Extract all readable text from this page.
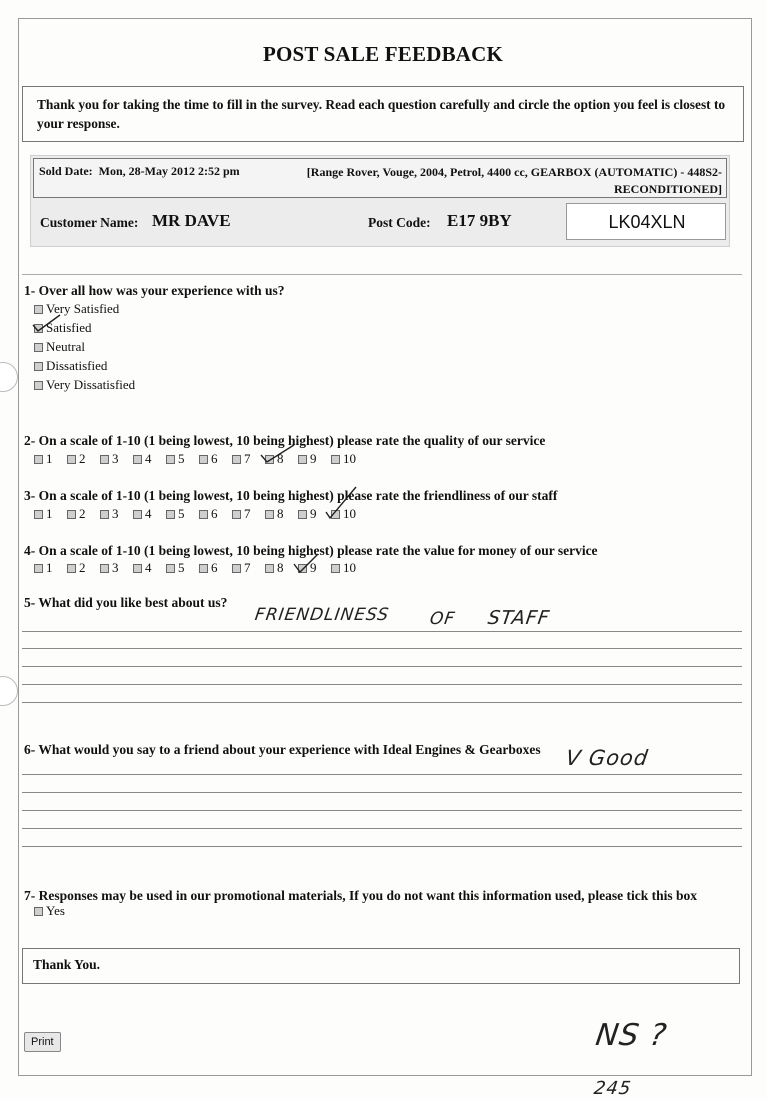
POST SALE FEEDBACK
Thank you for taking the time to fill in the survey. Read each question carefully and circle the option you feel is closest to your response.
Sold Date: Mon, 28-May 2012 2:52 pm	[Range Rover, Vouge, 2004, Petrol, 4400 cc, GEARBOX (AUTOMATIC) - 448S2-RECONDITIONED]
Customer Name: MR DAVE	Post Code: E17 9BY	LK04XLN
1- Over all how was your experience with us?
Very Satisfied
Satisfied
Neutral
Dissatisfied
Very Dissatisfied
2- On a scale of 1-10 (1 being lowest, 10 being highest) please rate the quality of our service
1 2 3 4 5 6 7 8 9 10
3- On a scale of 1-10 (1 being lowest, 10 being highest) please rate the friendliness of our staff
1 2 3 4 5 6 7 8 9 10
4- On a scale of 1-10 (1 being lowest, 10 being highest) please rate the value for money of our service
1 2 3 4 5 6 7 8 9 10
5- What did you like best about us?
FRIENDLINESS OF STAFF
6- What would you say to a friend about your experience with Ideal Engines & Gearboxes V Good
7- Responses may be used in our promotional materials, If you do not want this information used, please tick this box
Yes
Thank You.
Print	NS ?
245
